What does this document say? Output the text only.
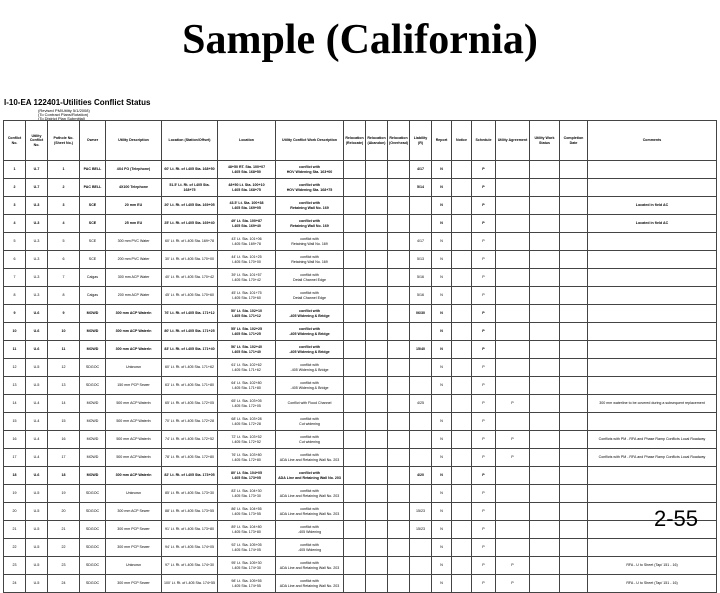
Sample (California)
I-10-EA 122401-Utilities Conflict Status
(Revised PM/Utility 5/1/2008)
(To Contract Plans/Rotation)
(To District Plan Submittal)
Conflict No.	Utility Conflict No.	Pothole No. (Sheet No.)	Owner	Utility Description	Location (Station/Offset)	Location	Utility Conflict Work Description	Relocation (Relocate)	Relocation (Abandon)	Relocation (Overhead)	Liability (R)	Report	Notice	Schedule	Utility Agreement	Utility Work Status	Completion Date	Comments
1	U-7	1	PAC BELL	4X4 FO (Telephone)	60' Lt. Rt. of I-405 Sta. 168+50	48+50 RT. Sta. 100+07
I-405 Sta. 168+50	conflict with
HOV Widening Sta. 163+00				4/17	N		P				
2	U-7	2	PAC BELL	4X100 Telephone	51.5' Lt. Rt. of I-405 Sta. 168+75	48+50 Lt. Sta. 100+10
I-405 Sta. 168+75	conflict with
HOV Widening Sta. 168+75				5/14	N		P				
3	U-3	3	SCE	20 mm EU	20' Lt. Rt. of I-405 Sta. 169+05	43.5' Lt. Sta. 100+38
I-405 Sta. 169+05	conflict with
Retaining Wall No. 169					N		P				Located in field AC
4	U-3	4	SCE	25 mm EU	25' Lt. Rt. of I-405 Sta. 169+40	49' Lt. Sta. 100+87
I-405 Sta. 169+40	conflict with
Retaining Wall No. 169					N		P				Located in field AC
5	U-3	5	SCE	300 mm PVC Water	60' Lt. Rt. of I-405 Sta. 169+78	43' Lt. Sta. 101+06
I-405 Sta. 169+78	conflict with
Retaining Wall No. 169				4/17	N		P				
6	U-3	6	SCE	200 mm PVC Water	30' Lt. Rt. of I-405 Sta. 170+00	44' Lt. Sta. 101+25
I-405 Sta. 170+00	conflict with
Retaining Wall No. 169				5/13	N		P				
7	U-3	7	Calgas	300 mm ACP Water	40' Lt. Rt. of I-405 Sta. 170+42	39' Lt. Sta. 101+57
I-405 Sta. 170+42	conflict with
Detail Channel Edge				5/16	N		P				
8	U-3	8	Calgas	200 mm ACP Water	45' Lt. Rt. of I-405 Sta. 170+60	45' Lt. Sta. 101+75
I-405 Sta. 170+60	conflict with
Detail Channel Edge				5/16	N		P				
9	U-6	9	MOWD	300 mm ACP Waterln	76' Lt. Rt. of I-405 Sta. 171+12	50' Lt. Sta. 102+10
I-405 Sta. 171+12	conflict with
-405 Widening & Bridge				06/30	N		P				
10	U-6	10	MOWD	300 mm ACP Waterln	80' Lt. Rt. of I-405 Sta. 171+25	55' Lt. Sta. 102+25
I-405 Sta. 171+25	conflict with
-405 Widening & Bridge					N		P				
11	U-6	11	MOWD	300 mm ACP Waterln	83' Lt. Rt. of I-405 Sta. 171+40	56' Lt. Sta. 102+40
I-405 Sta. 171+40	conflict with
-405 Widening & Bridge				15/40	N		P				
12	U-5	12	SDGOC	Unknown	60' Lt. Rt. of I-405 Sta. 171+62	61' Lt. Sta. 102+62
I-405 Sta. 171+62	conflict with
-405 Widening & Bridge					N		P				
13	U-5	13	SDGOC	150 mm PCP Sewer	63' Lt. Rt. of I-405 Sta. 171+80	64' Lt. Sta. 102+80
I-405 Sta. 171+80	conflict with
-405 Widening & Bridge					N		P				
14	U-4	14	MOWD	500 mm ACP Waterln	65' Lt. Rt. of I-405 Sta. 172+05	65' Lt. Sta. 103+05
I-405 Sta. 172+05	Conflict with Flood Channel				4/25			P	P			300 mm waterline to be covered during a subsequent replacement
15	U-4	15	MOWD	500 mm ACP Waterln	70' Lt. Rt. of I-405 Sta. 172+28	68' Lt. Sta. 103+28
I-405 Sta. 172+28	conflict with
Cut widening					N		P				
16	U-4	16	MOWD	500 mm ACP Waterln	74' Lt. Rt. of I-405 Sta. 172+52	72' Lt. Sta. 103+52
I-405 Sta. 172+52	conflict with
Cut widening					N		P	P			Conflicts with PM - RFA and Phase Ramp Conflicts Local Roadway
17	U-4	17	MOWD	500 mm ACP Waterln	78' Lt. Rt. of I-405 Sta. 172+80	76' Lt. Sta. 103+80
I-405 Sta. 172+80	conflict with
ADA Line and Retaining Wall No. 203					N		P	P			Conflicts with PM - RFA and Phase Ramp Conflicts Local Roadway
18	U-6	18	MOWD	300 mm ACP Waterln	82' Lt. Rt. of I-405 Sta. 173+05	80' Lt. Sta. 104+05
I-405 Sta. 173+05	conflict with
ADA Line and Retaining Wall No. 203				4/20	N		P				
19	U-5	19	SDGOC	Unknown	85' Lt. Rt. of I-405 Sta. 173+30	83' Lt. Sta. 104+30
I-405 Sta. 173+30	conflict with
ADA Line and Retaining Wall No. 203					N		P				
20	U-5	20	SDGOC	300 mm ACP Sewer	88' Lt. Rt. of I-405 Sta. 173+55	86' Lt. Sta. 104+55
I-405 Sta. 173+55	conflict with
ADA Line and Retaining Wall No. 203				15/23	N		P				
21	U-5	21	SDGOC	300 mm PCP Sewer	91' Lt. Rt. of I-405 Sta. 173+80	89' Lt. Sta. 104+80
I-405 Sta. 173+80	conflict with
-405 Widening				15/23	N		P				
22	U-5	22	SDGOC	300 mm PCP Sewer	94' Lt. Rt. of I-405 Sta. 174+05	92' Lt. Sta. 105+05
I-405 Sta. 174+05	conflict with
-405 Widening					N		P				
23	U-5	23	SDGOC	Unknown	97' Lt. Rt. of I-405 Sta. 174+30	95' Lt. Sta. 105+30
I-405 Sta. 174+30	conflict with
ADA Line and Retaining Wall No. 203					N		P	P			RFA - U to Sheet (Tap/ 151 - 16)
24	U-5	24	SDGOC	300 mm PCP Sewer	100' Lt. Rt. of I-405 Sta. 174+55	98' Lt. Sta. 105+55
I-405 Sta. 174+55	conflict with
ADA Line and Retaining Wall No. 203					N		P	P			RFA - U to Sheet (Tap/ 151 - 16)
2-55
